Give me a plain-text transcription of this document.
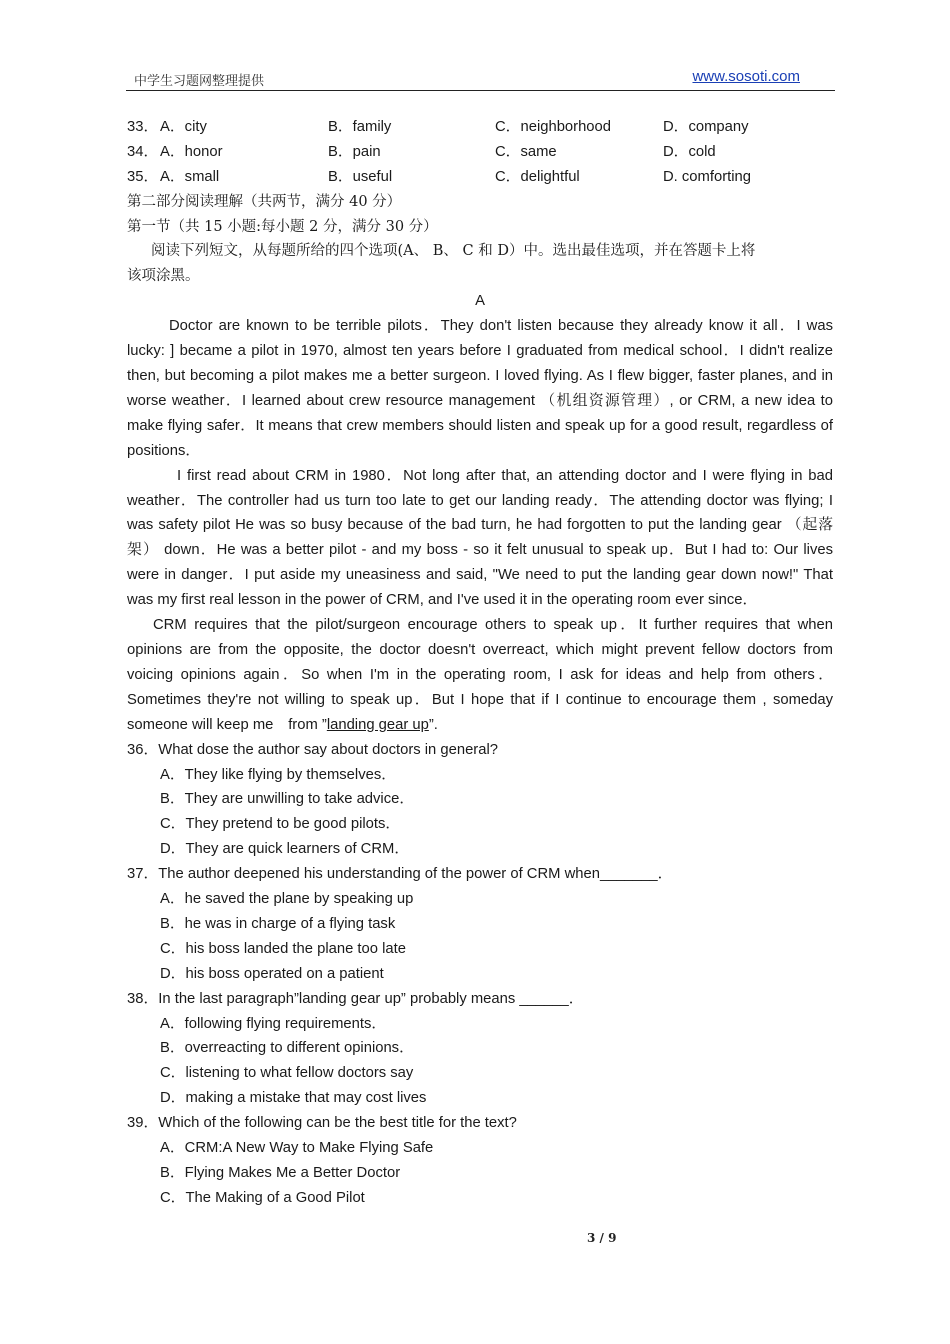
中学生习题网整理提供	www.sosoti.com
33． A．city	B．family	C．neighborhood	D．company
34． A．honor	B．pain	C．same	D．cold
35． A．small	B．useful	C．delightful	D. comforting
第二部分阅读理解（共两节，满分 40 分）
第一节（共 15 小题:每小题 2 分，满分 30 分）
阅读下列短文，从每题所给的四个选项(A、 B、 C 和 D）中。选出最佳选项，并在答题卡上将
该项涂黑。
A

Doctor are known to be terrible pilots．They don't listen because they already know it all．I was lucky: ] became a pilot in 1970, almost ten years before I graduated from medical school．I didn't realize then, but becoming a pilot makes me a better surgeon. I loved flying. As I flew bigger, faster planes, and in worse weather．I learned about crew resource management （机组资源管理）, or CRM, a new idea to make flying safer．It means that crew members should listen and speak up for a good result, regardless of positions．

I first read about CRM in 1980．Not long after that, an attending doctor and I were flying in bad weather．The controller had us turn too late to get our landing ready．The attending doctor was flying; I was safety pilot He was so busy because of the bad turn, he had forgotten to put the landing gear （起落架） down．He was a better pilot - and my boss - so it felt unusual to speak up．But I had to: Our lives were in danger．I put aside my uneasiness and said, "We need to put the landing gear down now!" That was my first real lesson in the power of CRM, and I've used it in the operating room ever since．

CRM requires that the pilot/surgeon encourage others to speak up．It further requires that when opinions are from the opposite, the doctor doesn't overreact, which might prevent fellow doctors from voicing opinions again．So when I'm in the operating room, I ask for ideas and help from others．Sometimes they're not willing to speak up．But I hope that if I continue to encourage them , someday someone will keep me　from ”landing gear up”.

36．What dose the author say about doctors in general?
A．They like flying by themselves．
B．They are unwilling to take advice．
C．They pretend to be good pilots．
D．They are quick learners of CRM．
37．The author deepened his understanding of the power of CRM when_______．
A．he saved the plane by speaking up
B．he was in charge of a flying task
C．his boss landed the plane too late
D．his boss operated on a patient
38．In the last paragraph”landing gear up” probably means ______．
A．following flying requirements．
B．overreacting to different opinions．
C．listening to what fellow doctors say
D．making a mistake that may cost lives
39．Which of the following can be the best title for the text?
A．CRM:A New Way to Make Flying Safe
B．Flying Makes Me a Better Doctor
C．The Making of a Good Pilot
3 / 9
